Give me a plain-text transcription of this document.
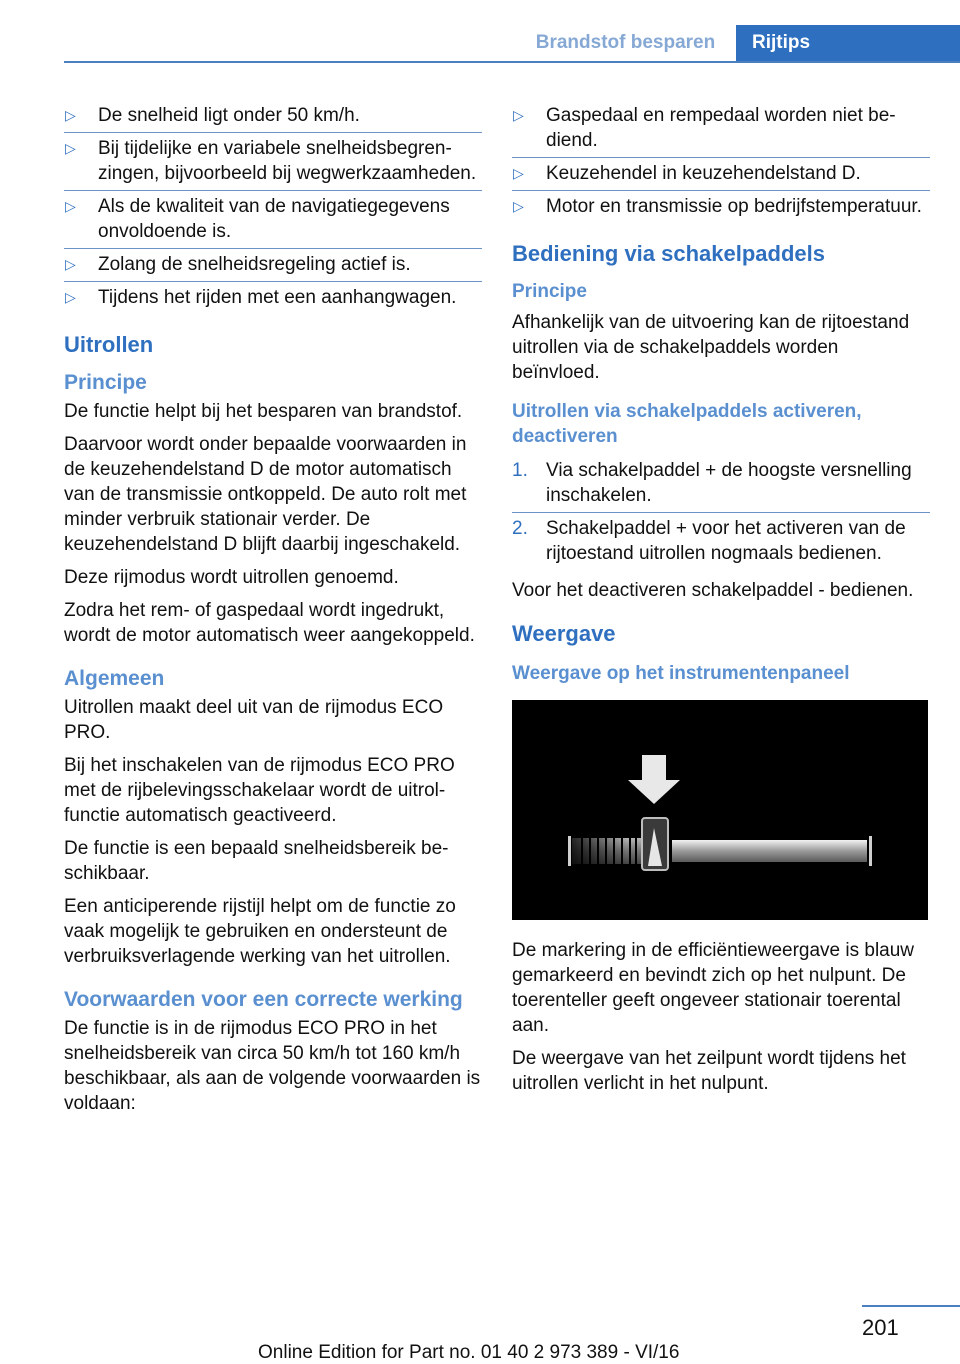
Brandstof besparen	Rijtips
▷ De snelheid ligt onder 50 km/h.
▷ Bij tijdelijke en variabele snelheidsbegrenzingen, bijvoorbeeld bij wegwerkzaamheden.
▷ Als de kwaliteit van de navigatiegegevens onvoldoende is.
▷ Zolang de snelheidsregeling actief is.
▷ Tijdens het rijden met een aanhangwagen.
Uitrollen
Principe

De functie helpt bij het besparen van brandstof.

Daarvoor wordt onder bepaalde voorwaarden in de keuzehendelstand D de motor automatisch van de transmissie ontkoppeld. De auto rolt met minder verbruik stationair verder. De keuzehendelstand D blijft daarbij ingeschakeld.

Deze rijmodus wordt uitrollen genoemd.

Zodra het rem- of gaspedaal wordt ingedrukt, wordt de motor automatisch weer aangekoppeld.

Algemeen

Uitrollen maakt deel uit van de rijmodus ECO PRO.

Bij het inschakelen van de rijmodus ECO PRO met de rijbelevingsschakelaar wordt de uitrolfunctie automatisch geactiveerd.

De functie is een bepaald snelheidsbereik beschikbaar.

Een anticiperende rijstijl helpt om de functie zo vaak mogelijk te gebruiken en ondersteunt de verbruiksverlagende werking van het uitrollen.

Voorwaarden voor een correcte werking

De functie is in de rijmodus ECO PRO in het snelheidsbereik van circa 50 km/h tot 160 km/h beschikbaar, als aan de volgende voorwaarden is voldaan:

▷ Gaspedaal en rempedaal worden niet bediend.
▷ Keuzehendel in keuzehendelstand D.
▷ Motor en transmissie op bedrijfstemperatuur.
Bediening via schakelpaddels
Principe

Afhankelijk van de uitvoering kan de rijtoestand uitrollen via de schakelpaddels worden beïnvloed.

Uitrollen via schakelpaddels activeren, deactiveren
1. Via schakelpaddel + de hoogste versnelling inschakelen.
2. Schakelpaddel + voor het activeren van de rijtoestand uitrollen nogmaals bedienen.

Voor het deactiveren schakelpaddel - bedienen.

Weergave
Weergave op het instrumentenpaneel

De markering in de efficiëntieweergave is blauw gemarkeerd en bevindt zich op het nulpunt. De toerenteller geeft ongeveer stationair toerental aan.

De weergave van het zeilpunt wordt tijdens het uitrollen verlicht in het nulpunt.

201
Online Edition for Part no. 01 40 2 973 389 - VI/16
